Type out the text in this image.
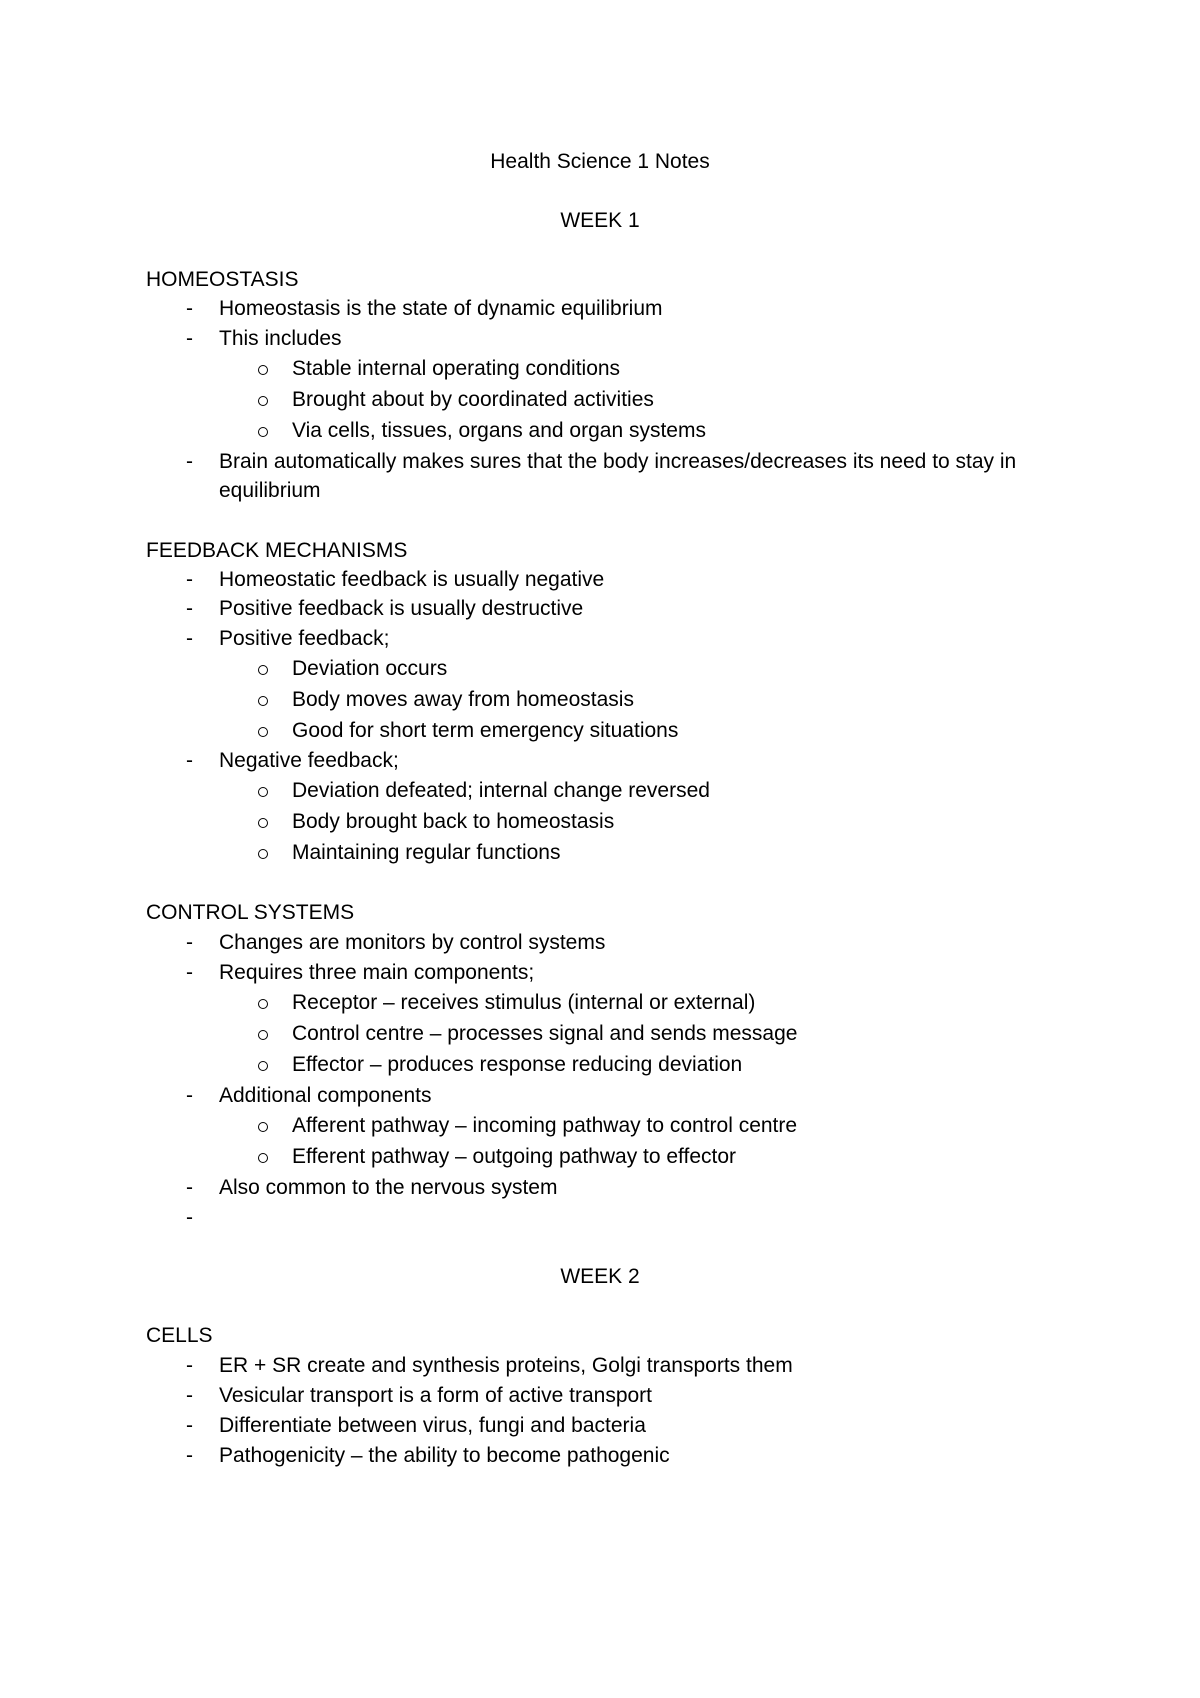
Health Science 1 Notes
WEEK 1
HOMEOSTASIS
-	Homeostasis is the state of dynamic equilibrium
-	This includes
Stable internal operating conditions
Brought about by coordinated activities
Via cells, tissues, organs and organ systems
-	Brain automatically makes sures that the body increases/decreases its need to stay in
equilibrium
FEEDBACK MECHANISMS
-	Homeostatic feedback is usually negative
-	Positive feedback is usually destructive
-	Positive feedback;
Deviation occurs
Body moves away from homeostasis
Good for short term emergency situations
-	Negative feedback;
Deviation defeated; internal change reversed
Body brought back to homeostasis
Maintaining regular functions
CONTROL SYSTEMS
-	Changes are monitors by control systems
-	Requires three main components;
Receptor – receives stimulus (internal or external)
Control centre – processes signal and sends message
Effector – produces response reducing deviation
-	Additional components
Afferent pathway – incoming pathway to control centre
Efferent pathway – outgoing pathway to effector
-	Also common to the nervous system
-
WEEK 2
CELLS
-	ER + SR create and synthesis proteins, Golgi transports them
-	Vesicular transport is a form of active transport
-	Differentiate between virus, fungi and bacteria
-	Pathogenicity – the ability to become pathogenic
